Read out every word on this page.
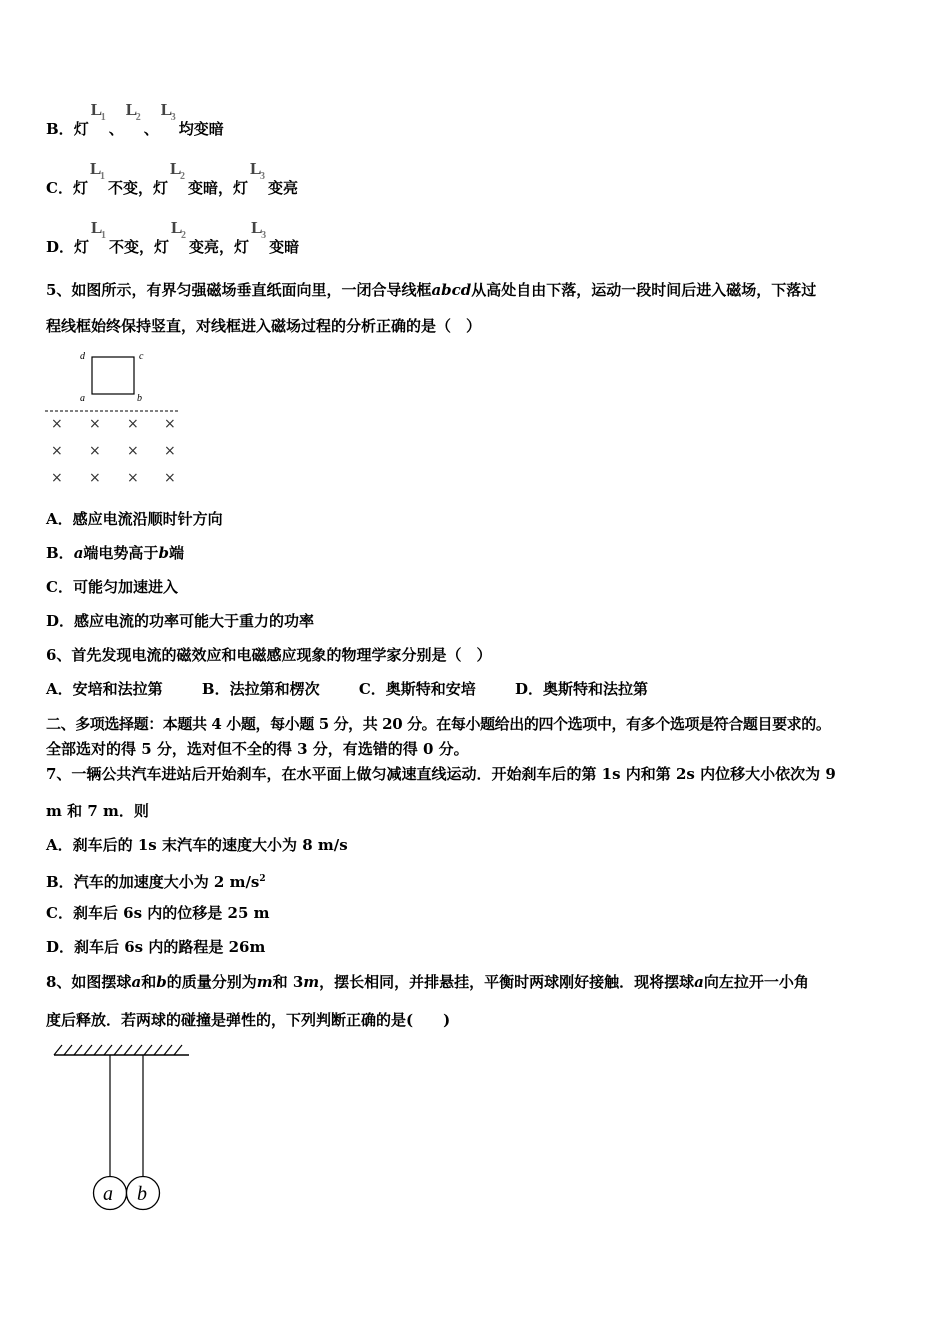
B．灯
L
1
、
L
2
、
L
3
均变暗
C．灯
L
1
不变，灯
L
2
变暗，灯
L
3
变亮
D．灯
L
1
不变，灯
L
2
变亮，灯
L
3
变暗
5、如图所示，有界匀强磁场垂直纸面向里，一闭合导线框abcd从高处自由下落，运动一段时间后进入磁场，下落过
程线框始终保持竖直，对线框进入磁场过程的分析正确的是（　）
d	c
a	b
× × × ×
× × × ×
× × × ×
A．感应电流沿顺时针方向
B．a端电势高于b端
C．可能匀加速进入
D．感应电流的功率可能大于重力的功率
6、首先发现电流的磁效应和电磁感应现象的物理学家分别是（　）
A．安培和法拉第	B．法拉第和楞次	C．奥斯特和安培	D．奥斯特和法拉第
二、多项选择题：本题共 4 小题，每小题 5 分，共 20 分。在每小题给出的四个选项中，有多个选项是符合题目要求的。
全部选对的得 5 分，选对但不全的得 3 分，有选错的得 0 分。
7、一辆公共汽车进站后开始刹车，在水平面上做匀减速直线运动．开始刹车后的第 1s 内和第 2s 内位移大小依次为 9
m 和 7 m．则
A．刹车后的 1s 末汽车的速度大小为 8 m/s
B．汽车的加速度大小为 2 $m/s^2$
C．刹车后 6s 内的位移是 25 m
D．刹车后 6s 内的路程是 26m
8、如图摆球a和b的质量分别为m和 3m，摆长相同，并排悬挂，平衡时两球刚好接触．现将摆球a向左拉开一小角
度后释放．若两球的碰撞是弹性的，下列判断正确的是(　　)
a b
